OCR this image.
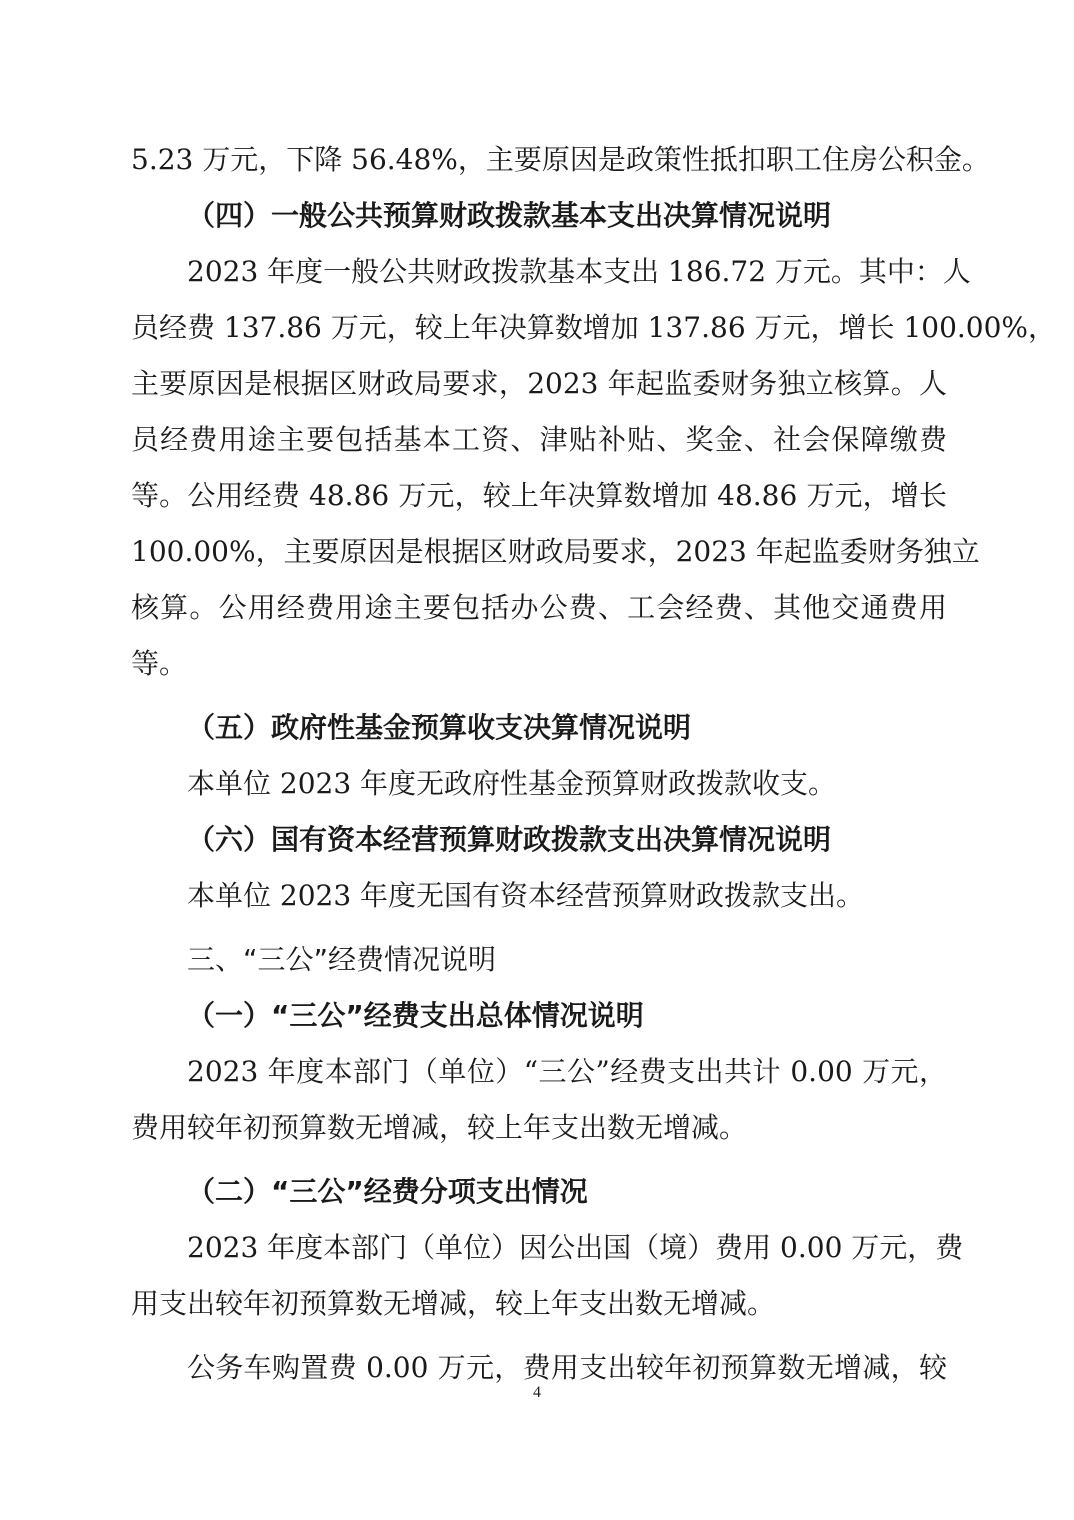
5.23 万元，下降 56.48%，主要原因是政策性抵扣职工住房公积金。
（四）一般公共预算财政拨款基本支出决算情况说明
2023 年度一般公共财政拨款基本支出 186.72 万元。其中：人
员经费 137.86 万元，较上年决算数增加 137.86 万元，增长 100.00%，
主要原因是根据区财政局要求，2023 年起监委财务独立核算。人
员经费用途主要包括基本工资、津贴补贴、奖金、社会保障缴费
等。公用经费 48.86 万元，较上年决算数增加 48.86 万元，增长
100.00%，主要原因是根据区财政局要求，2023 年起监委财务独立
核算。公用经费用途主要包括办公费、工会经费、其他交通费用
等。
（五）政府性基金预算收支决算情况说明
本单位 2023 年度无政府性基金预算财政拨款收支。
（六）国有资本经营预算财政拨款支出决算情况说明
本单位 2023 年度无国有资本经营预算财政拨款支出。
三、“三公”经费情况说明
（一）“三公”经费支出总体情况说明
2023 年度本部门（单位）“三公”经费支出共计 0.00 万元，
费用较年初预算数无增减，较上年支出数无增减。
（二）“三公”经费分项支出情况
2023 年度本部门（单位）因公出国（境）费用 0.00 万元，费
用支出较年初预算数无增减，较上年支出数无增减。
公务车购置费 0.00 万元，费用支出较年初预算数无增减，较
4
